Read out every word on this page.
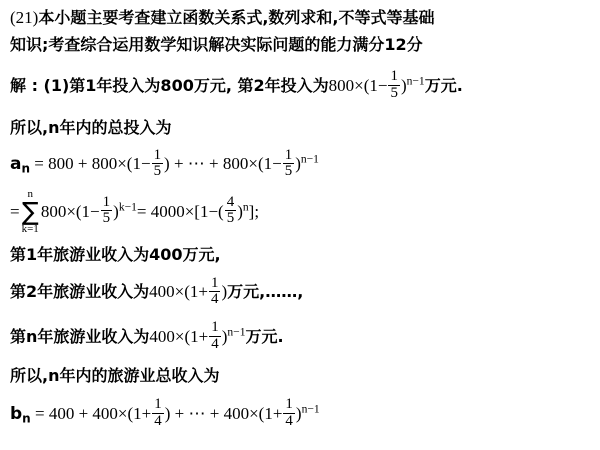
(21)本小题主要考查建立函数关系式,数列求和,不等式等基础
知识;考查综合运用数学知识解决实际问题的能力满分12分
解 : (1)第1年投入为800万元, 第2年投入为$800\times(1- \frac{1}{5} )^{n-1}$万元.
所以,n年内的总投入为
$a_n = 800 + 800\times(1- \frac{1}{5}$ ) + ⋯ + $800\times(1- \frac{1}{5} )^{n-1}$
=
n
∑
k=1
$800\times(1- \frac{1}{5} )^{k-1}= 4000\times[1-( \frac{4}{5} )^n]$;
第1年旅游业收入为400万元,
第2年旅游业收入为$400\times(1+ \frac{1}{4}$ )万元,……,
第n年旅游业收入为$400\times(1+ \frac{1}{4} )^{n-1}$万元.
所以,n年内的旅游业总收入为
$b_n = 400 + 400\times(1+ \frac{1}{4}$ ) + ⋯ + $400\times(1+ \frac{1}{4} )^{n-1}$
